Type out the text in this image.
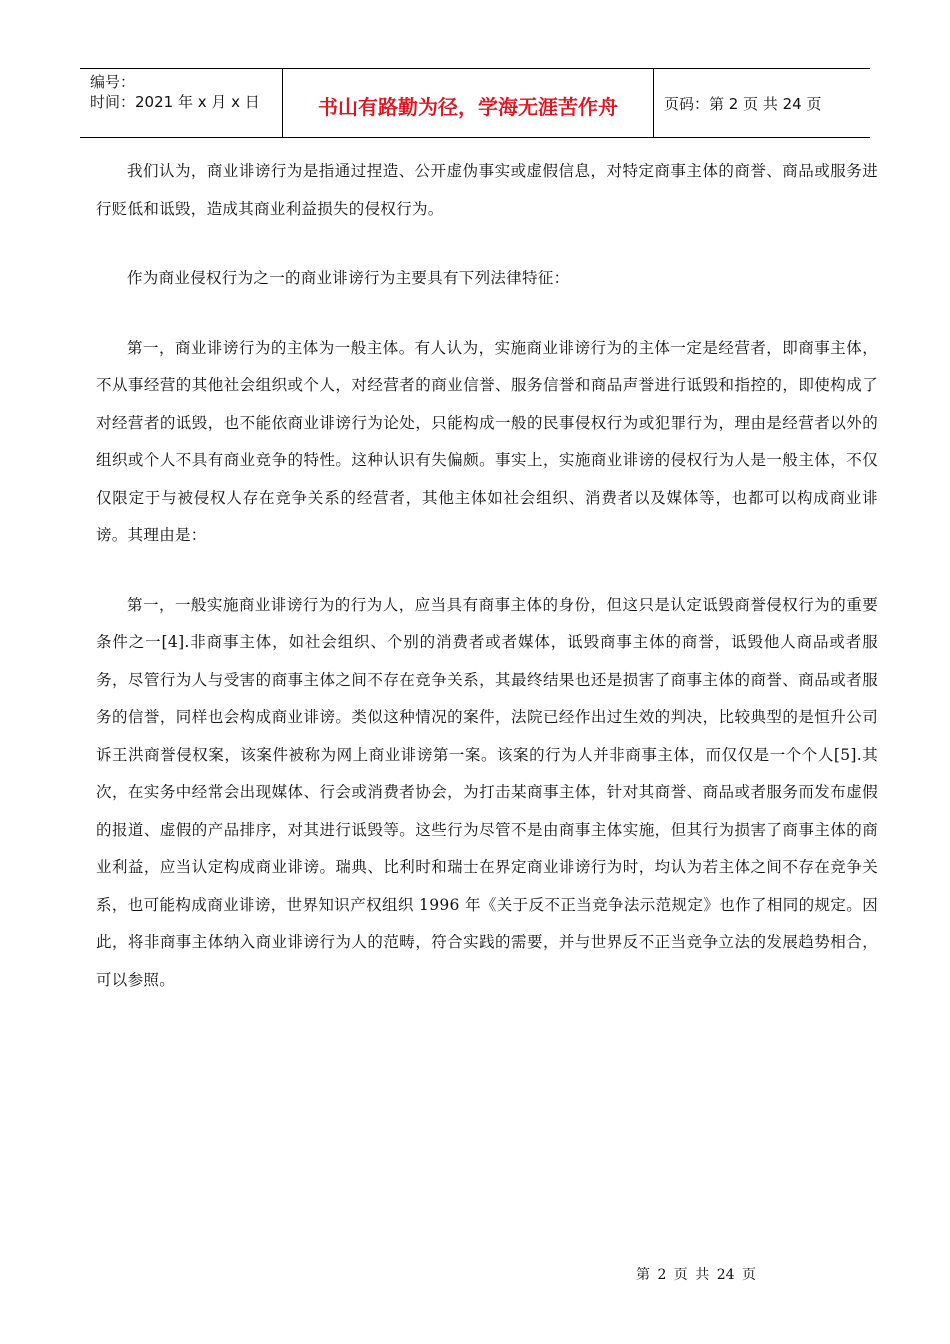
编号：
时间：2021 年 x 月 x 日	书山有路勤为径，学海无涯苦作舟	页码：第 2 页 共 24 页

我们认为，商业诽谤行为是指通过捏造、公开虚伪事实或虚假信息，对特定商事主体的商誉、商品或服务进行贬低和诋毁，造成其商业利益损失的侵权行为。

作为商业侵权行为之一的商业诽谤行为主要具有下列法律特征：

第一，商业诽谤行为的主体为一般主体。有人认为，实施商业诽谤行为的主体一定是经营者，即商事主体，不从事经营的其他社会组织或个人，对经营者的商业信誉、服务信誉和商品声誉进行诋毁和指控的，即使构成了对经营者的诋毁，也不能依商业诽谤行为论处，只能构成一般的民事侵权行为或犯罪行为，理由是经营者以外的组织或个人不具有商业竞争的特性。这种认识有失偏颇。事实上，实施商业诽谤的侵权行为人是一般主体，不仅仅限定于与被侵权人存在竞争关系的经营者，其他主体如社会组织、消费者以及媒体等，也都可以构成商业诽谤。其理由是：

第一，一般实施商业诽谤行为的行为人，应当具有商事主体的身份，但这只是认定诋毁商誉侵权行为的重要条件之一[4].非商事主体，如社会组织、个别的消费者或者媒体，诋毁商事主体的商誉，诋毁他人商品或者服务，尽管行为人与受害的商事主体之间不存在竞争关系，其最终结果也还是损害了商事主体的商誉、商品或者服务的信誉，同样也会构成商业诽谤。类似这种情况的案件，法院已经作出过生效的判决，比较典型的是恒升公司诉王洪商誉侵权案，该案件被称为网上商业诽谤第一案。该案的行为人并非商事主体，而仅仅是一个个人[5].其次，在实务中经常会出现媒体、行会或消费者协会，为打击某商事主体，针对其商誉、商品或者服务而发布虚假的报道、虚假的产品排序，对其进行诋毁等。这些行为尽管不是由商事主体实施，但其行为损害了商事主体的商业利益，应当认定构成商业诽谤。瑞典、比利时和瑞士在界定商业诽谤行为时，均认为若主体之间不存在竞争关系，也可能构成商业诽谤，世界知识产权组织 1996 年《关于反不正当竞争法示范规定》也作了相同的规定。因此，将非商事主体纳入商业诽谤行为人的范畴，符合实践的需要，并与世界反不正当竞争立法的发展趋势相合，可以参照。

第 2 页 共 24 页
